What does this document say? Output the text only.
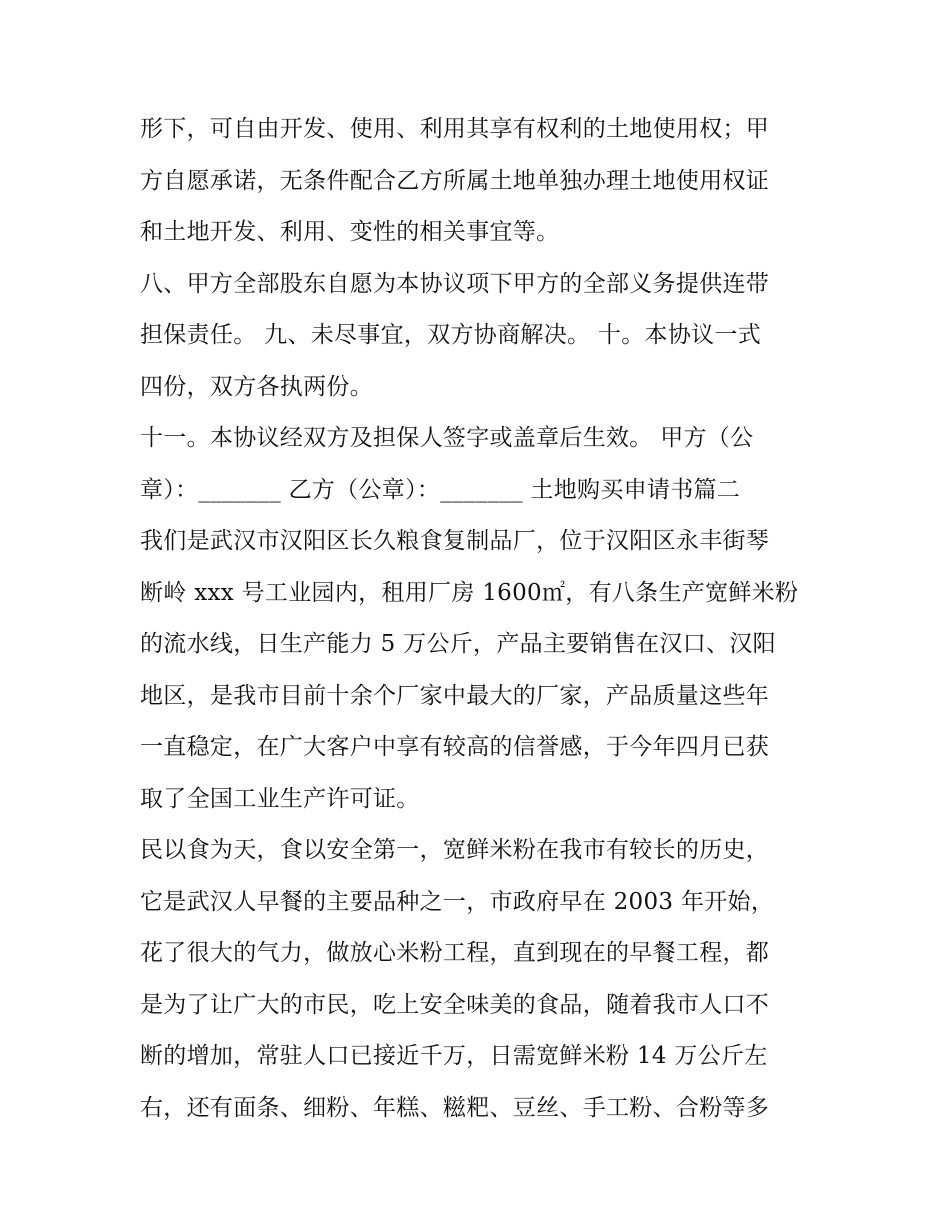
形下，可自由开发、使用、利用其享有权利的土地使用权；甲
方自愿承诺，无条件配合乙方所属土地单独办理土地使用权证
和土地开发、利用、变性的相关事宜等。
八、甲方全部股东自愿为本协议项下甲方的全部义务提供连带
担保责任。 九、未尽事宜，双方协商解决。 十。本协议一式
四份，双方各执两份。
十一。本协议经双方及担保人签字或盖章后生效。 甲方（公
章）：_______ 乙方（公章）：_______ 土地购买申请书篇二
我们是武汉市汉阳区长久粮食复制品厂，位于汉阳区永丰街琴
断岭 xxx 号工业园内，租用厂房 1600㎡，有八条生产宽鲜米粉
的流水线，日生产能力 5 万公斤，产品主要销售在汉口、汉阳
地区，是我市目前十余个厂家中最大的厂家，产品质量这些年
一直稳定，在广大客户中享有较高的信誉感，于今年四月已获
取了全国工业生产许可证。
民以食为天，食以安全第一，宽鲜米粉在我市有较长的历史，
它是武汉人早餐的主要品种之一，市政府早在 2003 年开始，
花了很大的气力，做放心米粉工程，直到现在的早餐工程，都
是为了让广大的市民，吃上安全味美的食品，随着我市人口不
断的增加，常驻人口已接近千万，日需宽鲜米粉 14 万公斤左
右，还有面条、细粉、年糕、糍粑、豆丝、手工粉、合粉等多
